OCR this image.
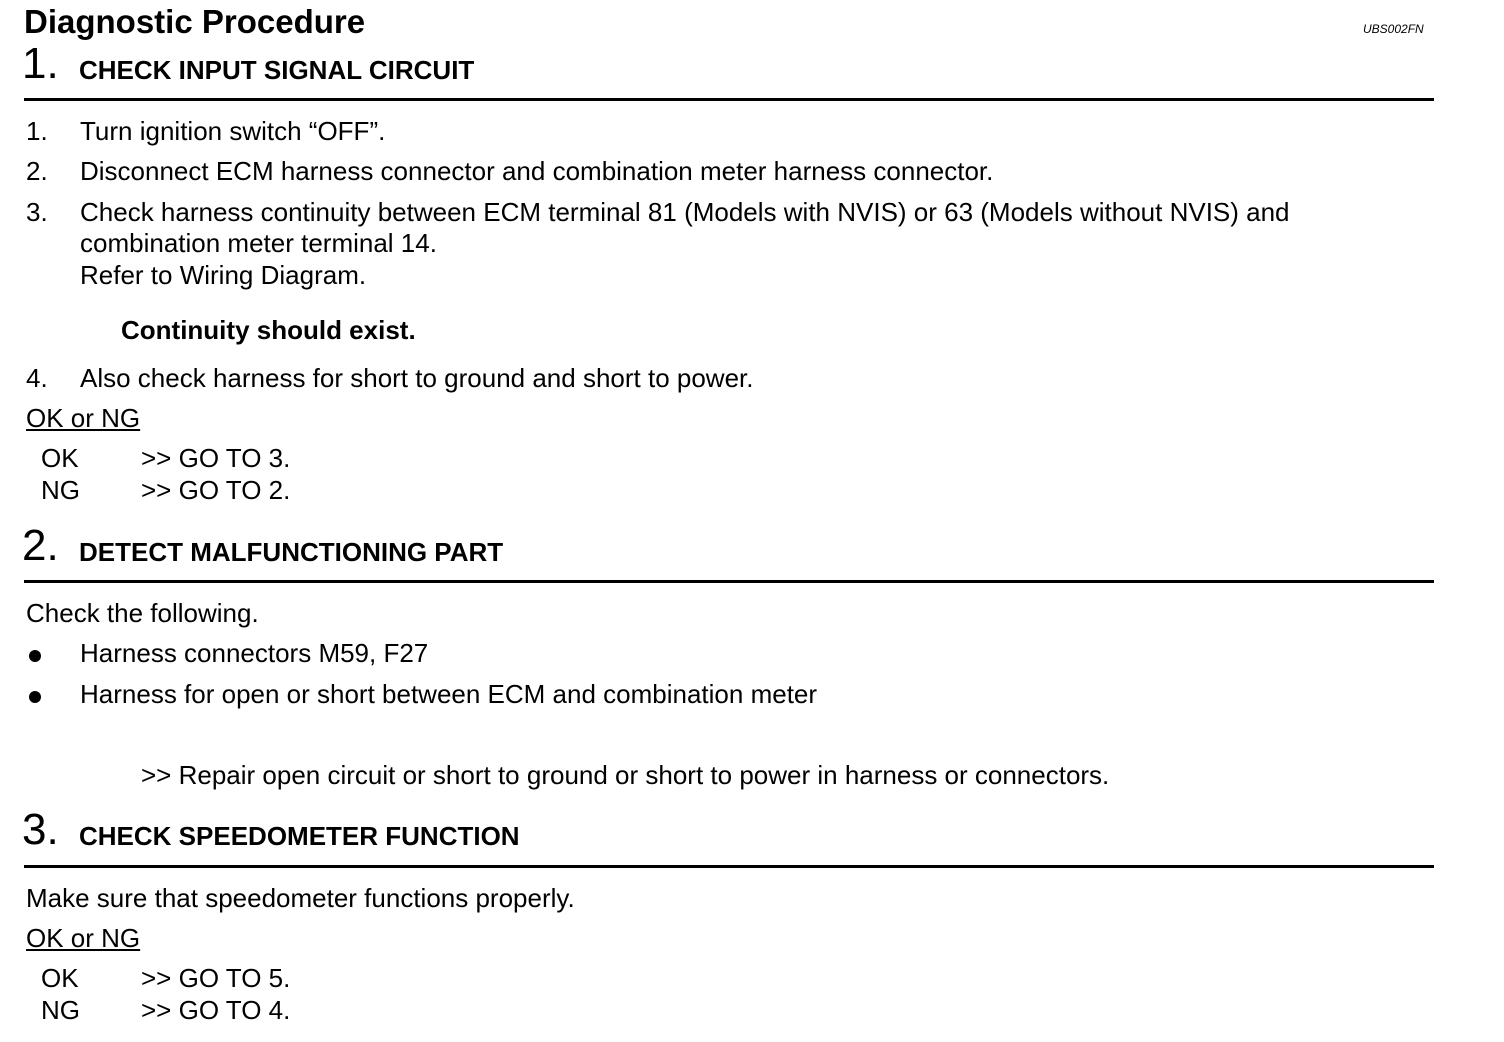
Diagnostic Procedure	UBS002FN
1. CHECK INPUT SIGNAL CIRCUIT
1. Turn ignition switch “OFF”.
2. Disconnect ECM harness connector and combination meter harness connector.
3. Check harness continuity between ECM terminal 81 (Models with NVIS) or 63 (Models without NVIS) and
combination meter terminal 14.
Refer to Wiring Diagram.
Continuity should exist.
4. Also check harness for short to ground and short to power.
OK or NG
OK >> GO TO 3.
NG >> GO TO 2.
2. DETECT MALFUNCTIONING PART
Check the following.
Harness connectors M59, F27
Harness for open or short between ECM and combination meter
>> Repair open circuit or short to ground or short to power in harness or connectors.
3. CHECK SPEEDOMETER FUNCTION
Make sure that speedometer functions properly.
OK or NG
OK >> GO TO 5.
NG >> GO TO 4.
